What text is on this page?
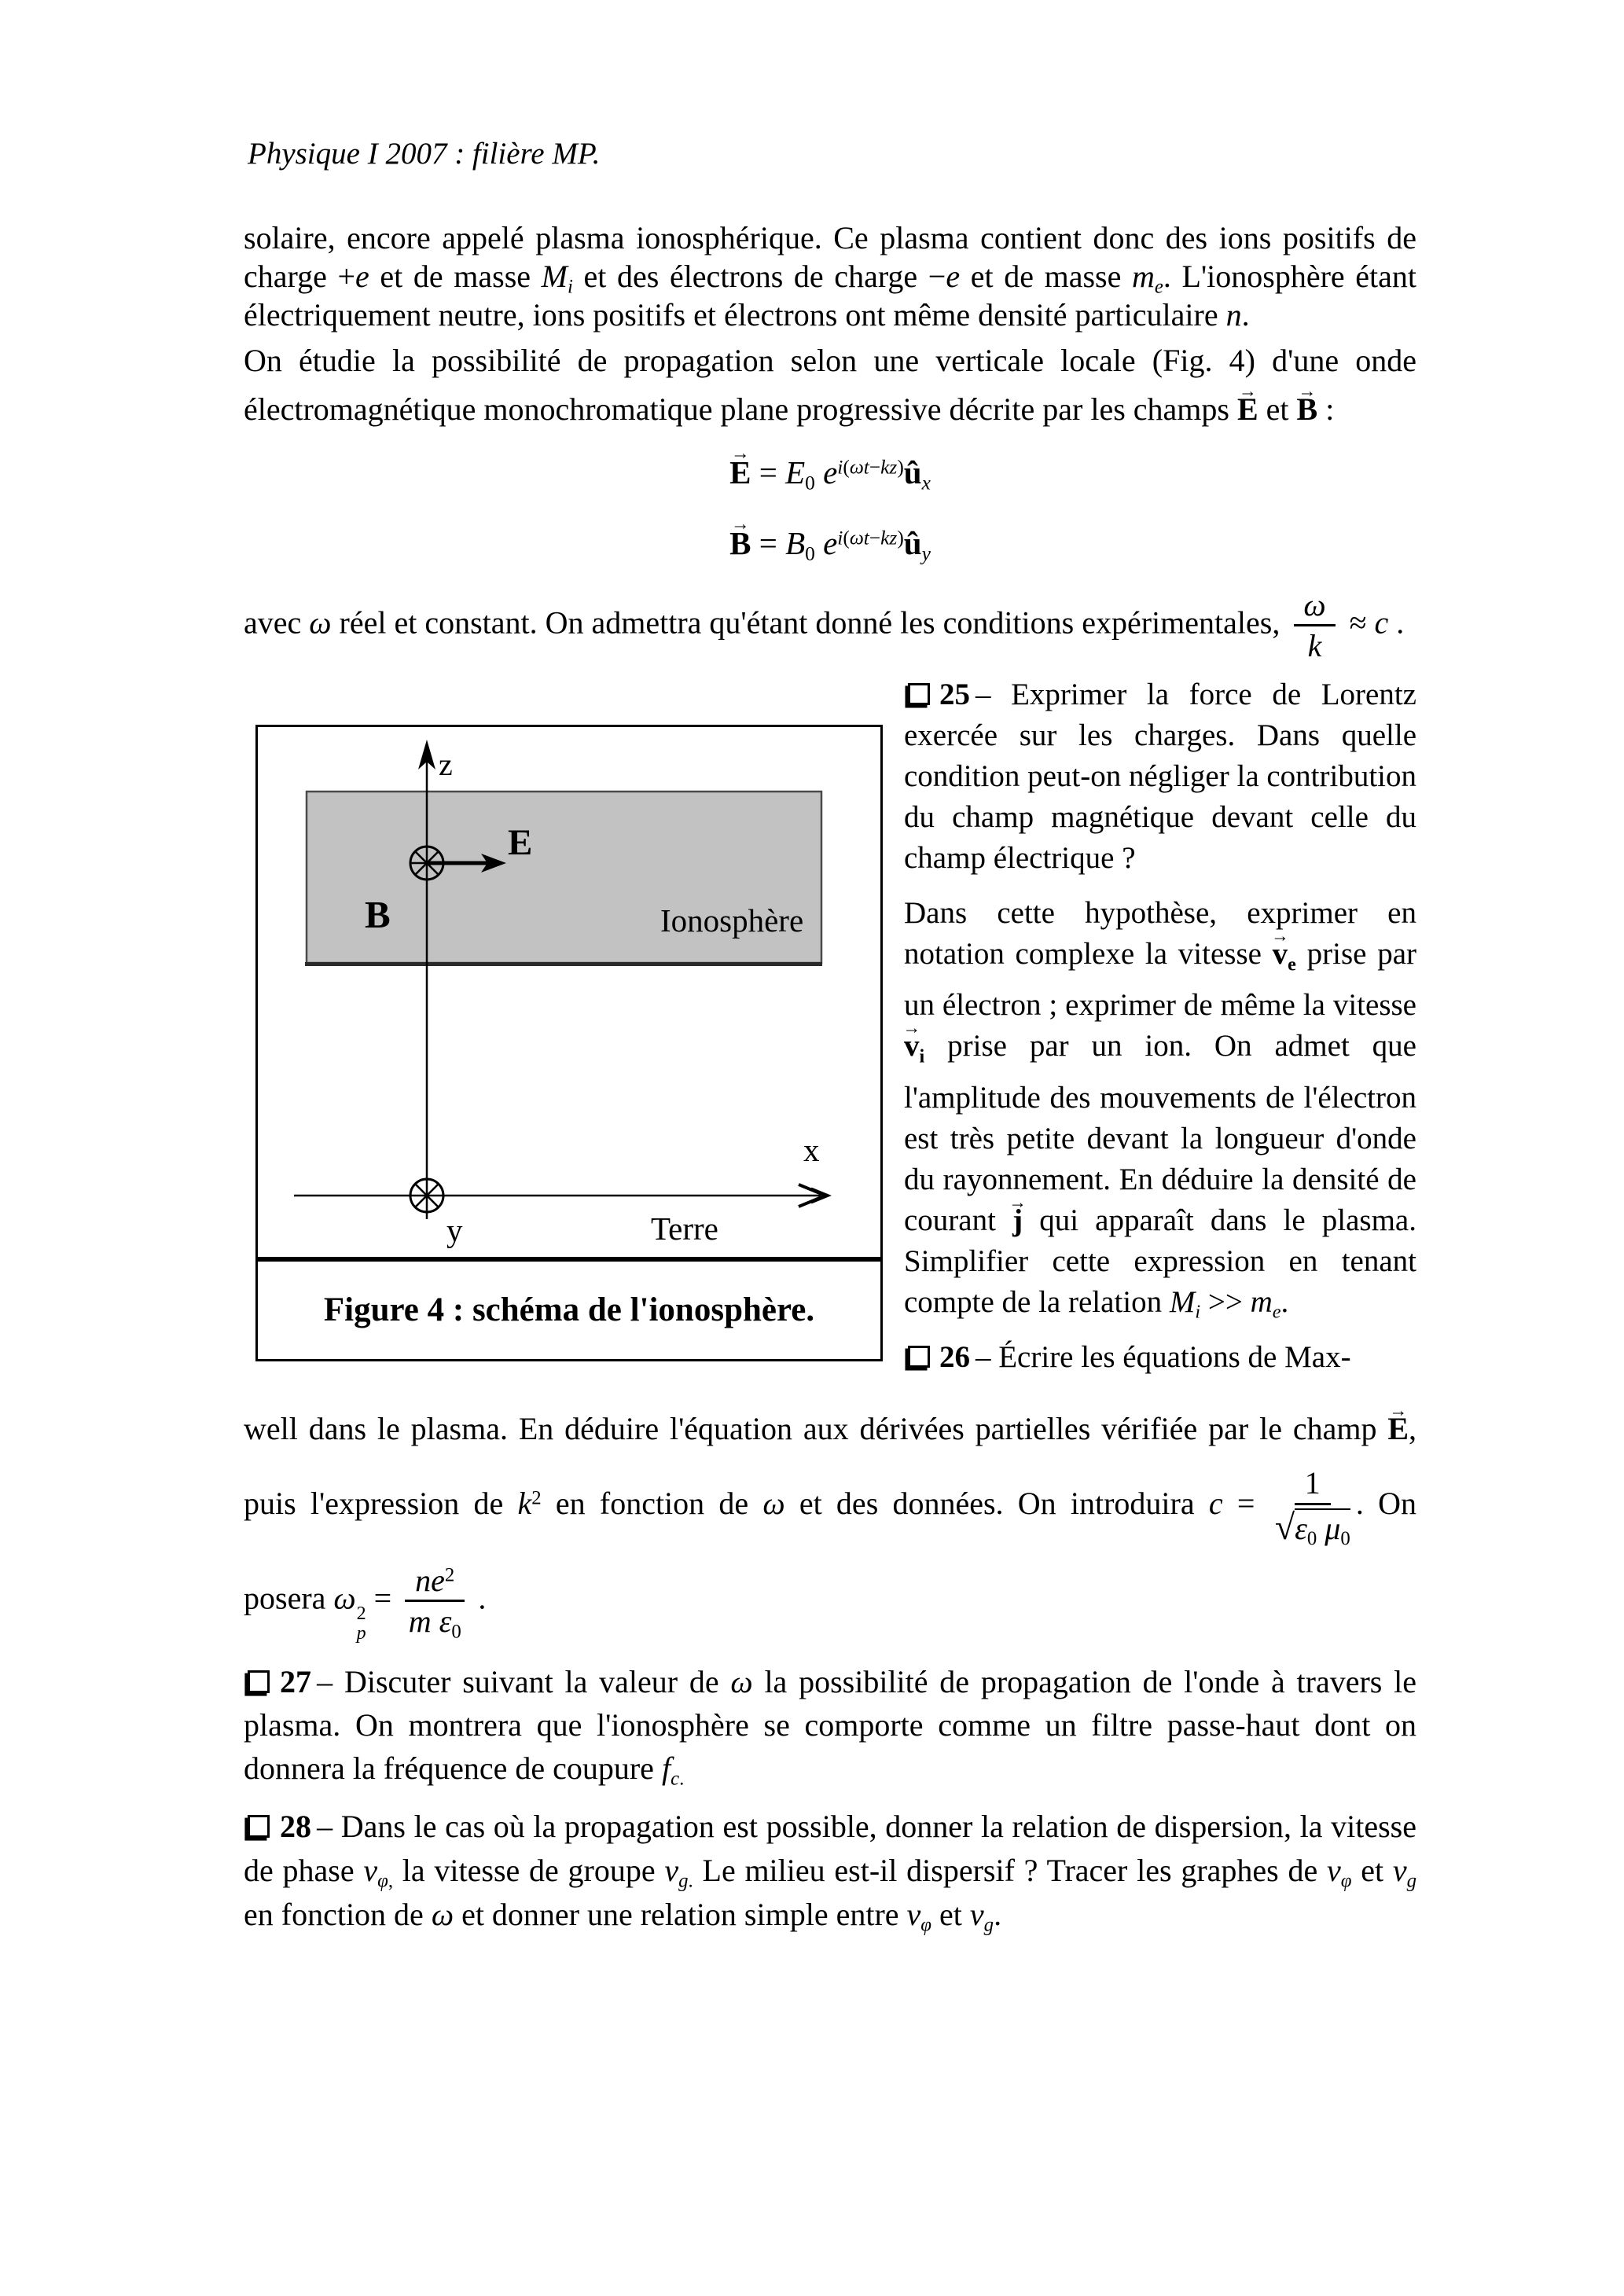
Physique I 2007 : filière MP.
solaire, encore appelé plasma ionosphérique. Ce plasma contient donc des ions positifs de charge +e et de masse $M_i$ et des électrons de charge −e et de masse $m_e$. L'ionosphère étant électriquement neutre, ions positifs et électrons ont même densité particulaire n.
On étudie la possibilité de propagation selon une verticale locale (Fig. 4) d'une onde électromagnétique monochromatique plane progressive décrite par les champs E → et B → :
E → = $E_0$ $e^{i(\omega t-kz)}û_x$
B → = $B_0$ $e^{i(\omega t-kz)}û_y$
avec ω réel et constant. On admettra qu'étant donné les conditions expérimentales, $\frac{\omega}{k} \approx c$ .
z
E
B	Ionosphère
x
y	Terre
Figure 4 : schéma de l'ionosphère.

25 – Exprimer la force de Lorentz exercée sur les charges. Dans quelle condition peut-on négliger la contribution du champ magnétique devant celle du champ électrique ?

Dans cette hypothèse, exprimer en notation complexe la vitesse $v \to_e$ prise par un électron ; exprimer de même la vitesse $v \to_i$ prise par un ion. On admet que l'amplitude des mouvements de l'électron est très petite devant la longueur d'onde du rayonnement. En déduire la densité de courant j → qui apparaît dans le plasma. Simplifier cette expression en tenant compte de la relation $M_i >> m_e$.

26 – Écrire les équations de Max-

well dans le plasma. En déduire l'équation aux dérivées partielles vérifiée par le champ E →,
puis l'expression de $k^2$ en fonction de ω et des données. On introduira $c = \frac{1}{√\varepsilon_0 \mu_0}$ . On
posera ω 2
p
= $\frac{ne^2}{m \varepsilon_0}$ .
27 – Discuter suivant la valeur de ω la possibilité de propagation de l'onde à travers le plasma. On montrera que l'ionosphère se comporte comme un filtre passe-haut dont on donnera la fréquence de coupure $f_{c.}$
28 – Dans le cas où la propagation est possible, donner la relation de dispersion, la vitesse de phase $v_{\varphi,}$ la vitesse de groupe $v_{g.}$ Le milieu est-il dispersif ? Tracer les graphes de $v_\varphi$ et $v_g$ en fonction de ω et donner une relation simple entre $v_\varphi$ et $v_g$.
